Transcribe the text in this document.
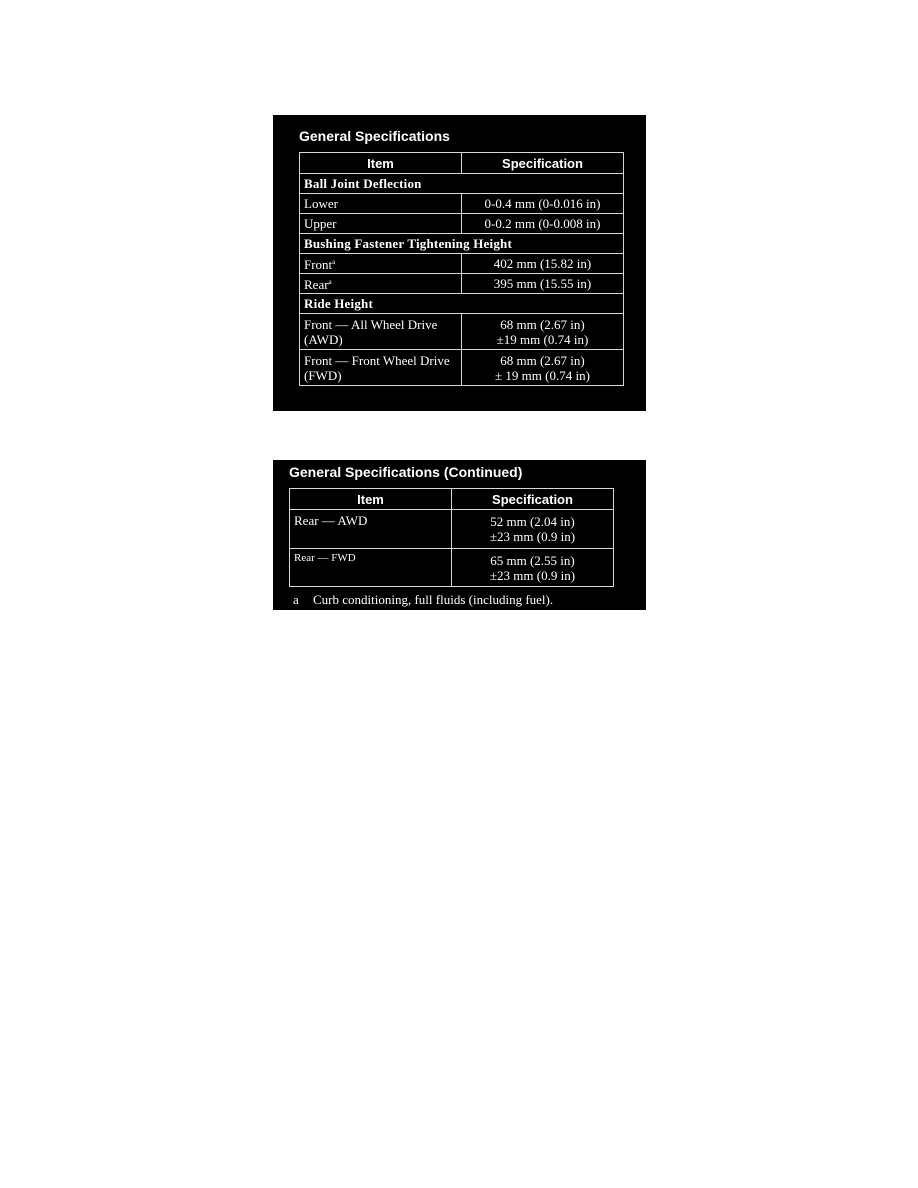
General Specifications
Item	Specification
Ball Joint Deflection	
Lower	0-0.4 mm (0-0.016 in)
Upper	0-0.2 mm (0-0.008 in)
Bushing Fastener Tightening Height	
Front$^a$	402 mm (15.82 in)
Rear$^a$	395 mm (15.55 in)
Ride Height	
Front — All Wheel Drive (AWD)	68 mm (2.67 in)
±19 mm (0.74 in)

Front — Front Wheel Drive (FWD)	68 mm (2.67 in)
± 19 mm (0.74 in)
General Specifications (Continued)
Item	Specification
Rear — AWD	52 mm (2.04 in)
±23 mm (0.9 in)

Rear — FWD	65 mm (2.55 in)
±23 mm (0.9 in)
a Curb conditioning, full fluids (including fuel).
